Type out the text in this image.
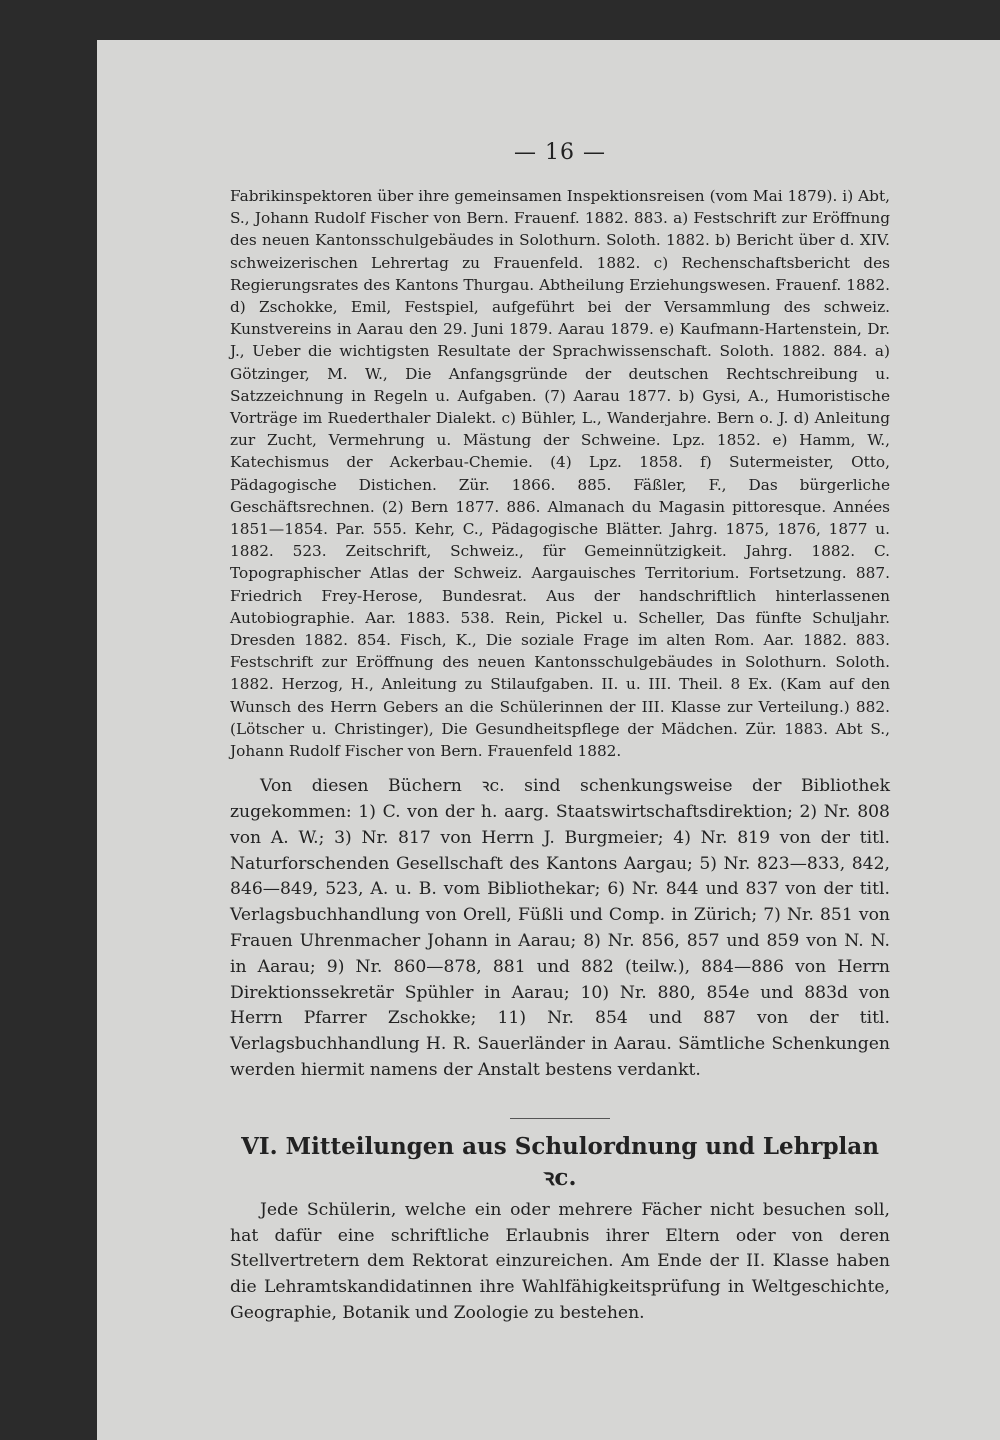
— 16 —

Fabrikinspektoren über ihre gemeinsamen Inspektionsreisen (vom Mai 1879). i) Abt, S., Johann Rudolf Fischer von Bern. Frauenf. 1882. 883. a) Festschrift zur Eröffnung des neuen Kantonsschulgebäudes in Solothurn. Soloth. 1882. b) Bericht über d. XIV. schweizerischen Lehrertag zu Frauenfeld. 1882. c) Rechenschaftsbericht des Regierungsrates des Kantons Thurgau. Abtheilung Erziehungswesen. Frauenf. 1882. d) Zschokke, Emil, Festspiel, aufgeführt bei der Versammlung des schweiz. Kunstvereins in Aarau den 29. Juni 1879. Aarau 1879. e) Kaufmann-Hartenstein, Dr. J., Ueber die wichtigsten Resultate der Sprachwissenschaft. Soloth. 1882. 884. a) Götzinger, M. W., Die Anfangsgründe der deutschen Rechtschreibung u. Satzzeichnung in Regeln u. Aufgaben. (7) Aarau 1877. b) Gysi, A., Humoristische Vorträge im Ruederthaler Dialekt. c) Bühler, L., Wanderjahre. Bern o. J. d) Anleitung zur Zucht, Vermehrung u. Mästung der Schweine. Lpz. 1852. e) Hamm, W., Katechismus der Ackerbau-Chemie. (4) Lpz. 1858. f) Sutermeister, Otto, Pädagogische Distichen. Zür. 1866. 885. Fäßler, F., Das bürgerliche Geschäftsrechnen. (2) Bern 1877. 886. Almanach du Magasin pittoresque. Années 1851—1854. Par. 555. Kehr, C., Pädagogische Blätter. Jahrg. 1875, 1876, 1877 u. 1882. 523. Zeitschrift, Schweiz., für Gemeinnützigkeit. Jahrg. 1882. C. Topographischer Atlas der Schweiz. Aargauisches Territorium. Fortsetzung. 887. Friedrich Frey-Herose, Bundesrat. Aus der handschriftlich hinterlassenen Autobiographie. Aar. 1883. 538. Rein, Pickel u. Scheller, Das fünfte Schuljahr. Dresden 1882. 854. Fisch, K., Die soziale Frage im alten Rom. Aar. 1882. 883. Festschrift zur Eröffnung des neuen Kantonsschulgebäudes in Solothurn. Soloth. 1882. Herzog, H., Anleitung zu Stilaufgaben. II. u. III. Theil. 8 Ex. (Kam auf den Wunsch des Herrn Gebers an die Schülerinnen der III. Klasse zur Verteilung.) 882. (Lötscher u. Christinger), Die Gesundheitspflege der Mädchen. Zür. 1883. Abt S., Johann Rudolf Fischer von Bern. Frauenfeld 1882.

Von diesen Büchern ꝛc. sind schenkungsweise der Bibliothek zugekommen: 1) C. von der h. aarg. Staatswirtschaftsdirektion; 2) Nr. 808 von A. W.; 3) Nr. 817 von Herrn J. Burgmeier; 4) Nr. 819 von der titl. Naturforschenden Gesellschaft des Kantons Aargau; 5) Nr. 823—833, 842, 846—849, 523, A. u. B. vom Bibliothekar; 6) Nr. 844 und 837 von der titl. Verlagsbuchhandlung von Orell, Füßli und Comp. in Zürich; 7) Nr. 851 von Frauen Uhrenmacher Johann in Aarau; 8) Nr. 856, 857 und 859 von N. N. in Aarau; 9) Nr. 860—878, 881 und 882 (teilw.), 884—886 von Herrn Direktionssekretär Spühler in Aarau; 10) Nr. 880, 854e und 883d von Herrn Pfarrer Zschokke; 11) Nr. 854 und 887 von der titl. Verlagsbuchhandlung H. R. Sauerländer in Aarau. Sämtliche Schenkungen werden hiermit namens der Anstalt bestens verdankt.

VI. Mitteilungen aus Schulordnung und Lehrplan ꝛc.

Jede Schülerin, welche ein oder mehrere Fächer nicht besuchen soll, hat dafür eine schriftliche Erlaubnis ihrer Eltern oder von deren Stellvertretern dem Rektorat einzureichen. Am Ende der II. Klasse haben die Lehramtskandidatinnen ihre Wahlfähigkeitsprüfung in Weltgeschichte, Geographie, Botanik und Zoologie zu bestehen.
